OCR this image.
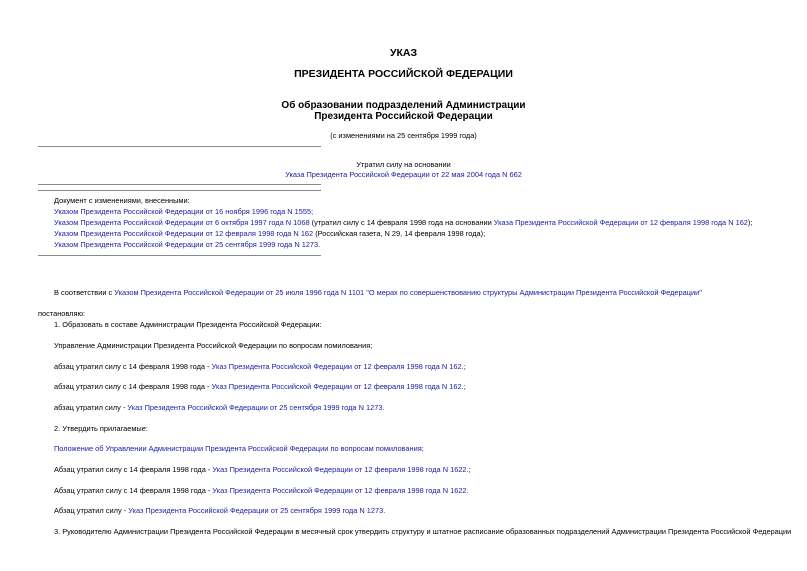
УКАЗ
ПРЕЗИДЕНТА РОССИЙСКОЙ ФЕДЕРАЦИИ
Об образовании подразделений Администрации
Президента Российской Федерации
(с изменениями на 25 сентября 1999 года)
Утратил силу на основании
Указа Президента Российской Федерации от 22 мая 2004 года N 662
Документ с изменениями, внесенными:
Указом Президента Российской Федерации от 16 ноября 1996 года N 1555;
Указом Президента Российской Федерации от 6 октября 1997 года N 1068 (утратил силу с 14 февраля 1998 года на основании Указа Президента Российской Федерации от 12 февраля 1998 года N 162);
Указом Президента Российской Федерации от 12 февраля 1998 года N 162 (Российская газета, N 29, 14 февраля 1998 года);
Указом Президента Российской Федерации от 25 сентября 1999 года N 1273.
В соответствии с Указом Президента Российской Федерации от 25 июля 1996 года N 1101 "О мерах по совершенствованию структуры Администрации Президента Российской Федерации"
постановляю:
1. Образовать в составе Администрации Президента Российской Федерации:
Управление Администрации Президента Российской Федерации по вопросам помилования;
абзац утратил силу с 14 февраля 1998 года - Указ Президента Российской Федерации от 12 февраля 1998 года N 162.;
абзац утратил силу с 14 февраля 1998 года - Указ Президента Российской Федерации от 12 февраля 1998 года N 162.;
абзац утратил силу - Указ Президента Российской Федерации от 25 сентября 1999 года N 1273.
2. Утвердить прилагаемые:
Положение об Управлении Администрации Президента Российской Федерации по вопросам помилования;
Абзац утратил силу с 14 февраля 1998 года - Указ Президента Российской Федерации от 12 февраля 1998 года N 1622.;
Абзац утратил силу с 14 февраля 1998 года - Указ Президента Российской Федерации от 12 февраля 1998 года N 1622.
Абзац утратил силу - Указ Президента Российской Федерации от 25 сентября 1999 года N 1273.
3. Руководителю Администрации Президента Российской Федерации в месячный срок утвердить структуру и штатное расписание образованных подразделений Администрации Президента Российской Федерации
